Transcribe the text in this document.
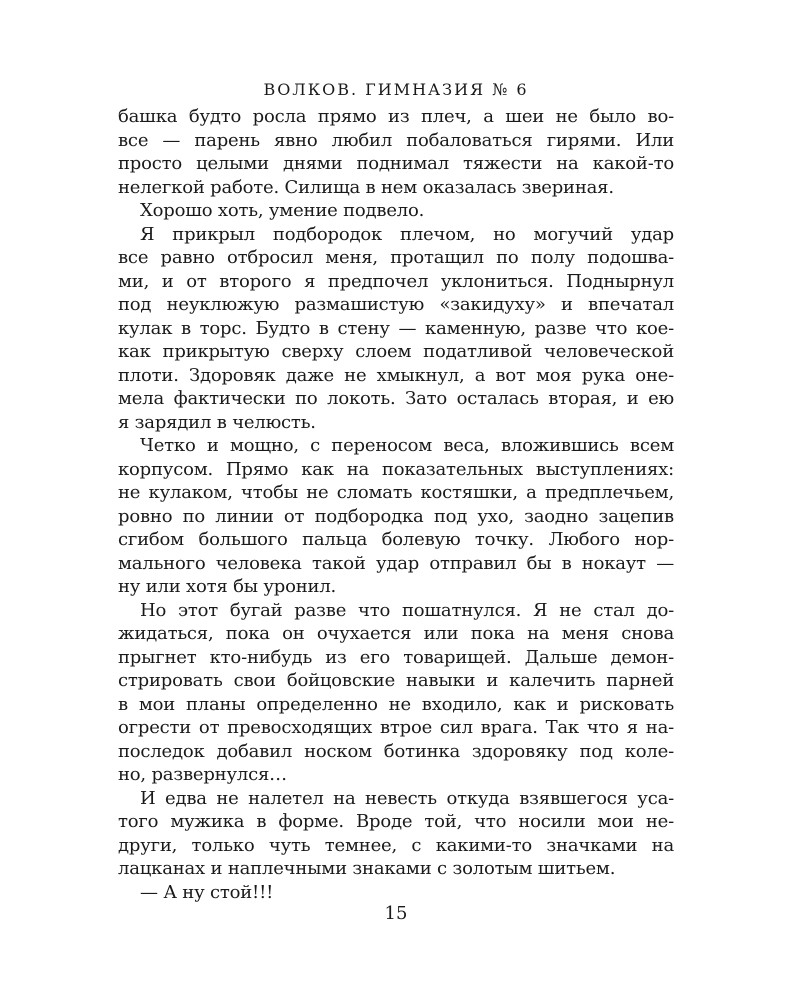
ВОЛКОВ. ГИМНАЗИЯ № 6
башка будто росла прямо из плеч, а шеи не было во-
все — парень явно любил побаловаться гирями. Или
просто целыми днями поднимал тяжести на какой-то
нелегкой работе. Силища в нем оказалась звериная.
Хорошо хоть, умение подвело.
Я прикрыл подбородок плечом, но могучий удар
все равно отбросил меня, протащил по полу подошва-
ми, и от второго я предпочел уклониться. Поднырнул
под неуклюжую размашистую «закидуху» и впечатал
кулак в торс. Будто в стену — каменную, разве что кое-
как прикрытую сверху слоем податливой человеческой
плоти. Здоровяк даже не хмыкнул, а вот моя рука оне-
мела фактически по локоть. Зато осталась вторая, и ею
я зарядил в челюсть.
Четко и мощно, с переносом веса, вложившись всем
корпусом. Прямо как на показательных выступлениях:
не кулаком, чтобы не сломать костяшки, а предплечьем,
ровно по линии от подбородка под ухо, заодно зацепив
сгибом большого пальца болевую точку. Любого нор-
мального человека такой удар отправил бы в нокаут —
ну или хотя бы уронил.
Но этот бугай разве что пошатнулся. Я не стал до-
жидаться, пока он очухается или пока на меня снова
прыгнет кто-нибудь из его товарищей. Дальше демон-
стрировать свои бойцовские навыки и калечить парней
в мои планы определенно не входило, как и рисковать
огрести от превосходящих втрое сил врага. Так что я на-
последок добавил носком ботинка здоровяку под коле-
но, развернулся…
И едва не налетел на невесть откуда взявшегося уса-
того мужика в форме. Вроде той, что носили мои не-
други, только чуть темнее, с какими-то значками на
лацканах и наплечными знаками с золотым шитьем.
— А ну стой!!!
15
